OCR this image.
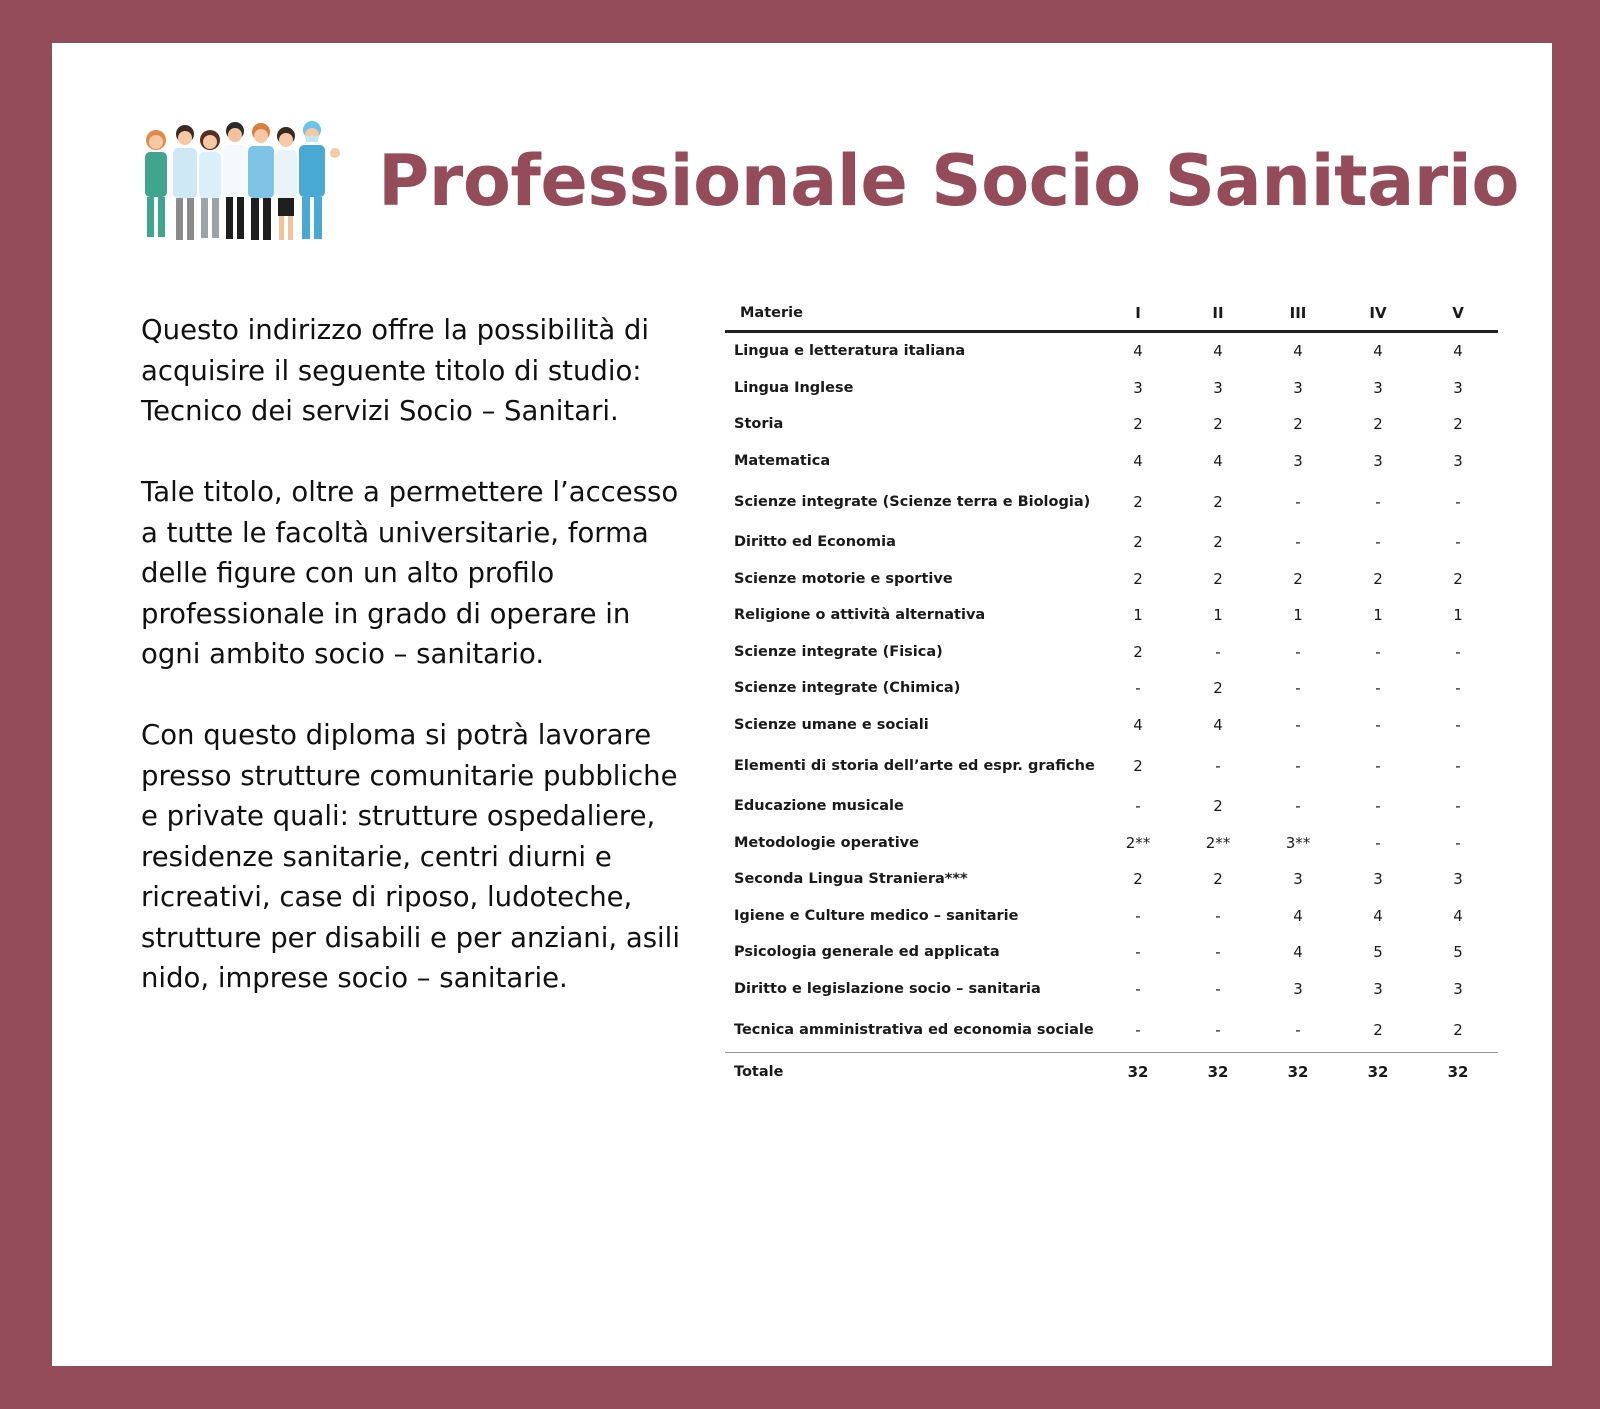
Professionale Socio Sanitario

Questo indirizzo offre la possibilità di acquisire il seguente titolo di studio: Tecnico dei servizi Socio – Sanitari.

Tale titolo, oltre a permettere l’accesso a tutte le facoltà universitarie, forma delle figure con un alto profilo professionale in grado di operare in ogni ambito socio – sanitario.

Con questo diploma si potrà lavorare presso strutture comunitarie pubbliche e private quali: strutture ospedaliere, residenze sanitarie, centri diurni e ricreativi, case di riposo, ludoteche, strutture per disabili e per anziani, asili nido, imprese socio – sanitarie.

Materie	I	II	III	IV	V
Lingua e letteratura italiana	4	4	4	4	4
Lingua Inglese	3	3	3	3	3
Storia	2	2	2	2	2
Matematica	4	4	3	3	3
Scienze integrate (Scienze terra e Biologia)	2	2	-	-	-
Diritto ed Economia	2	2	-	-	-
Scienze motorie e sportive	2	2	2	2	2
Religione o attività alternativa	1	1	1	1	1
Scienze integrate (Fisica)	2	-	-	-	-
Scienze integrate (Chimica)	-	2	-	-	-
Scienze umane e sociali	4	4	-	-	-
Elementi di storia dell’arte ed espr. grafiche	2	-	-	-	-
Educazione musicale	-	2	-	-	-
Metodologie operative	2**	2**	3**	-	-
Seconda Lingua Straniera***	2	2	3	3	3
Igiene e Culture medico – sanitarie	-	-	4	4	4
Psicologia generale ed applicata	-	-	4	5	5
Diritto e legislazione socio – sanitaria	-	-	3	3	3
Tecnica amministrativa ed economia sociale	-	-	-	2	2
Totale	32	32	32	32	32
